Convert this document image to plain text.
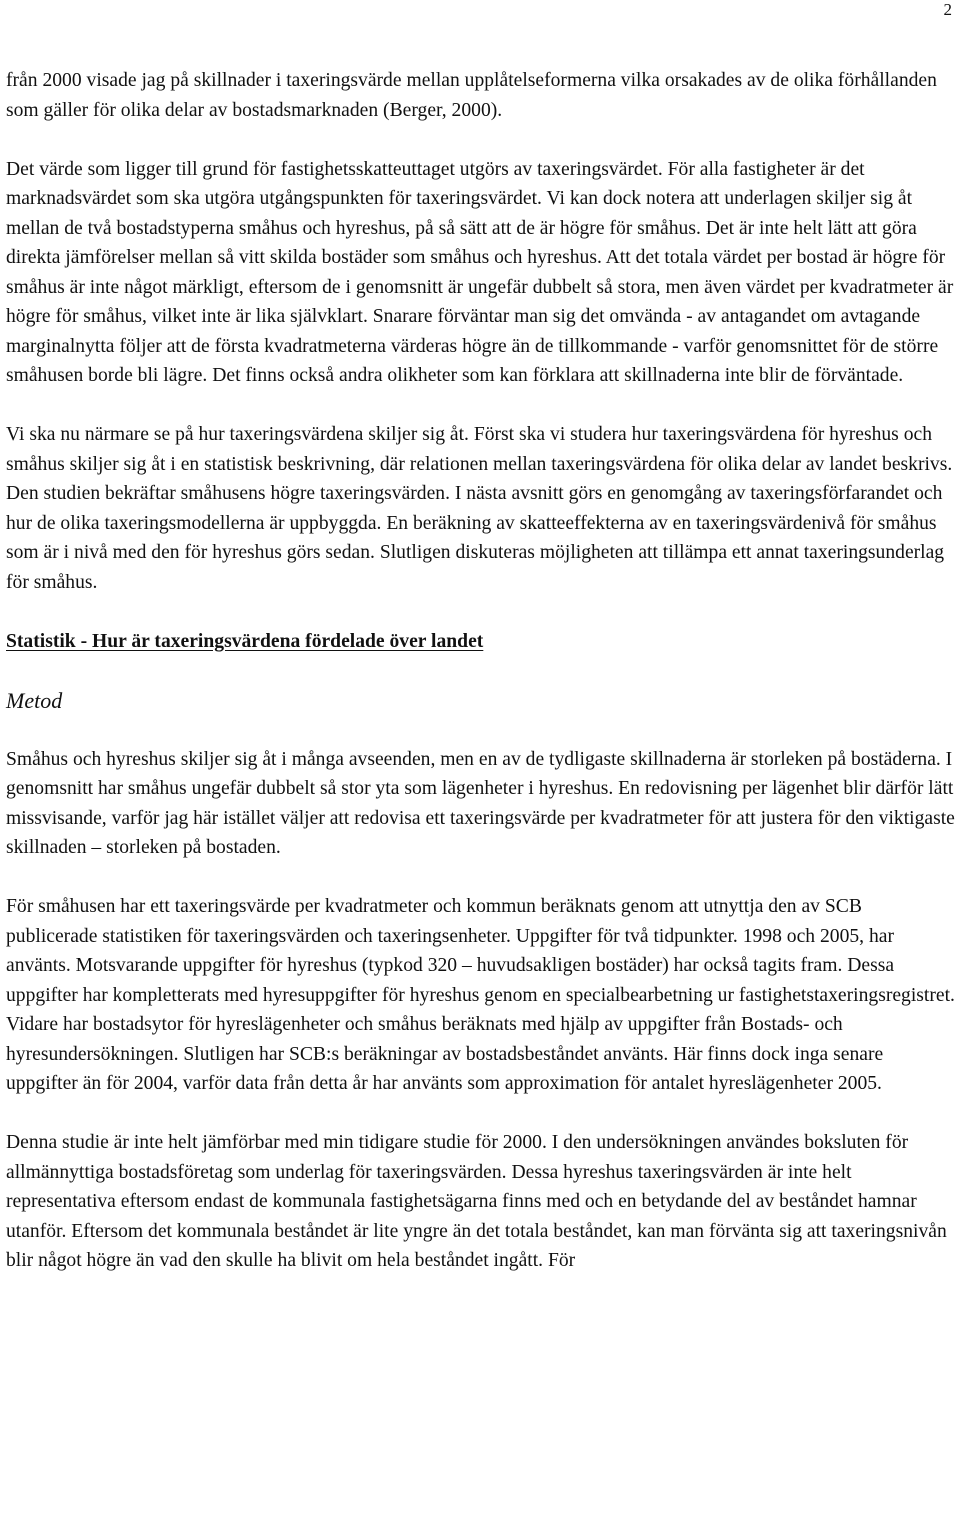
2

från 2000 visade jag på skillnader i taxeringsvärde mellan upplåtelseformerna vilka orsakades av de olika förhållanden som gäller för olika delar av bostadsmarknaden (Berger, 2000).

Det värde som ligger till grund för fastighetsskatteuttaget utgörs av taxeringsvärdet. För alla fastigheter är det marknadsvärdet som ska utgöra utgångspunkten för taxeringsvärdet. Vi kan dock notera att underlagen skiljer sig åt mellan de två bostadstyperna småhus och hyreshus, på så sätt att de är högre för småhus. Det är inte helt lätt att göra direkta jämförelser mellan så vitt skilda bostäder som småhus och hyreshus. Att det totala värdet per bostad är högre för småhus är inte något märkligt, eftersom de i genomsnitt är ungefär dubbelt så stora, men även värdet per kvadratmeter är högre för småhus, vilket inte är lika självklart. Snarare förväntar man sig det omvända - av antagandet om avtagande marginalnytta följer att de första kvadratmeterna värderas högre än de tillkommande - varför genomsnittet för de större småhusen borde bli lägre. Det finns också andra olikheter som kan förklara att skillnaderna inte blir de förväntade.

Vi ska nu närmare se på hur taxeringsvärdena skiljer sig åt. Först ska vi studera hur taxeringsvärdena för hyreshus och småhus skiljer sig åt i en statistisk beskrivning, där relationen mellan taxeringsvärdena för olika delar av landet beskrivs. Den studien bekräftar småhusens högre taxeringsvärden. I nästa avsnitt görs en genomgång av taxeringsförfarandet och hur de olika taxeringsmodellerna är uppbyggda. En beräkning av skatteeffekterna av en taxeringsvärdenivå för småhus som är i nivå med den för hyreshus görs sedan. Slutligen diskuteras möjligheten att tillämpa ett annat taxeringsunderlag för småhus.

Statistik - Hur är taxeringsvärdena fördelade över landet
Metod

Småhus och hyreshus skiljer sig åt i många avseenden, men en av de tydligaste skillnaderna är storleken på bostäderna. I genomsnitt har småhus ungefär dubbelt så stor yta som lägenheter i hyreshus. En redovisning per lägenhet blir därför lätt missvisande, varför jag här istället väljer att redovisa ett taxeringsvärde per kvadratmeter för att justera för den viktigaste skillnaden – storleken på bostaden.

För småhusen har ett taxeringsvärde per kvadratmeter och kommun beräknats genom att utnyttja den av SCB publicerade statistiken för taxeringsvärden och taxeringsenheter. Uppgifter för två tidpunkter. 1998 och 2005, har använts. Motsvarande uppgifter för hyreshus (typkod 320 – huvudsakligen bostäder) har också tagits fram. Dessa uppgifter har kompletterats med hyresuppgifter för hyreshus genom en specialbearbetning ur fastighetstaxeringsregistret. Vidare har bostadsytor för hyreslägenheter och småhus beräknats med hjälp av uppgifter från Bostads- och hyresundersökningen. Slutligen har SCB:s beräkningar av bostadsbeståndet använts. Här finns dock inga senare uppgifter än för 2004, varför data från detta år har använts som approximation för antalet hyreslägenheter 2005.

Denna studie är inte helt jämförbar med min tidigare studie för 2000. I den undersökningen användes boksluten för allmännyttiga bostadsföretag som underlag för taxeringsvärden. Dessa hyreshus taxeringsvärden är inte helt representativa eftersom endast de kommunala fastighetsägarna finns med och en betydande del av beståndet hamnar utanför. Eftersom det kommunala beståndet är lite yngre än det totala beståndet, kan man förvänta sig att taxeringsnivån blir något högre än vad den skulle ha blivit om hela beståndet ingått. För
